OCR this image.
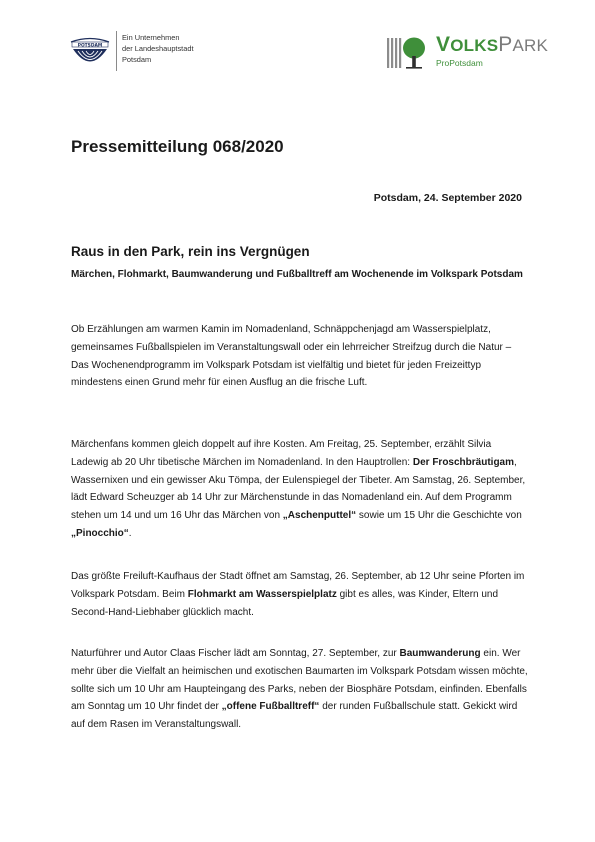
POTSDAM
Ein Unternehmen
der Landeshauptstadt
Potsdam
VOLKSPARK
ProPotsdam
Pressemitteilung 068/2020
Potsdam, 24. September 2020
Raus in den Park, rein ins Vergnügen

Märchen, Flohmarkt, Baumwanderung und Fußballtreff am Wochenende im Volkspark Potsdam

Ob Erzählungen am warmen Kamin im Nomadenland, Schnäppchenjagd am Wasserspielplatz, gemeinsames Fußballspielen im Veranstaltungswall oder ein lehrreicher Streifzug durch die Natur – Das Wochenendprogramm im Volkspark Potsdam ist vielfältig und bietet für jeden Freizeittyp mindestens einen Grund mehr für einen Ausflug an die frische Luft.

Märchenfans kommen gleich doppelt auf ihre Kosten. Am Freitag, 25. September, erzählt Silvia Ladewig ab 20 Uhr tibetische Märchen im Nomadenland. In den Hauptrollen: Der Froschbräutigam, Wassernixen und ein gewisser Aku Tömpa, der Eulenspiegel der Tibeter. Am Samstag, 26. September, lädt Edward Scheuzger ab 14 Uhr zur Märchenstunde in das Nomadenland ein. Auf dem Programm stehen um 14 und um 16 Uhr das Märchen von „Aschenputtel“ sowie um 15 Uhr die Geschichte von „Pinocchio“.

Das größte Freiluft-Kaufhaus der Stadt öffnet am Samstag, 26. September, ab 12 Uhr seine Pforten im Volkspark Potsdam. Beim Flohmarkt am Wasserspielplatz gibt es alles, was Kinder, Eltern und Second-Hand-Liebhaber glücklich macht.

Naturführer und Autor Claas Fischer lädt am Sonntag, 27. September, zur Baumwanderung ein. Wer mehr über die Vielfalt an heimischen und exotischen Baumarten im Volkspark Potsdam wissen möchte, sollte sich um 10 Uhr am Haupteingang des Parks, neben der Biosphäre Potsdam, einfinden. Ebenfalls am Sonntag um 10 Uhr findet der „offene Fußballtreff“ der runden Fußballschule statt. Gekickt wird auf dem Rasen im Veranstaltungswall.
